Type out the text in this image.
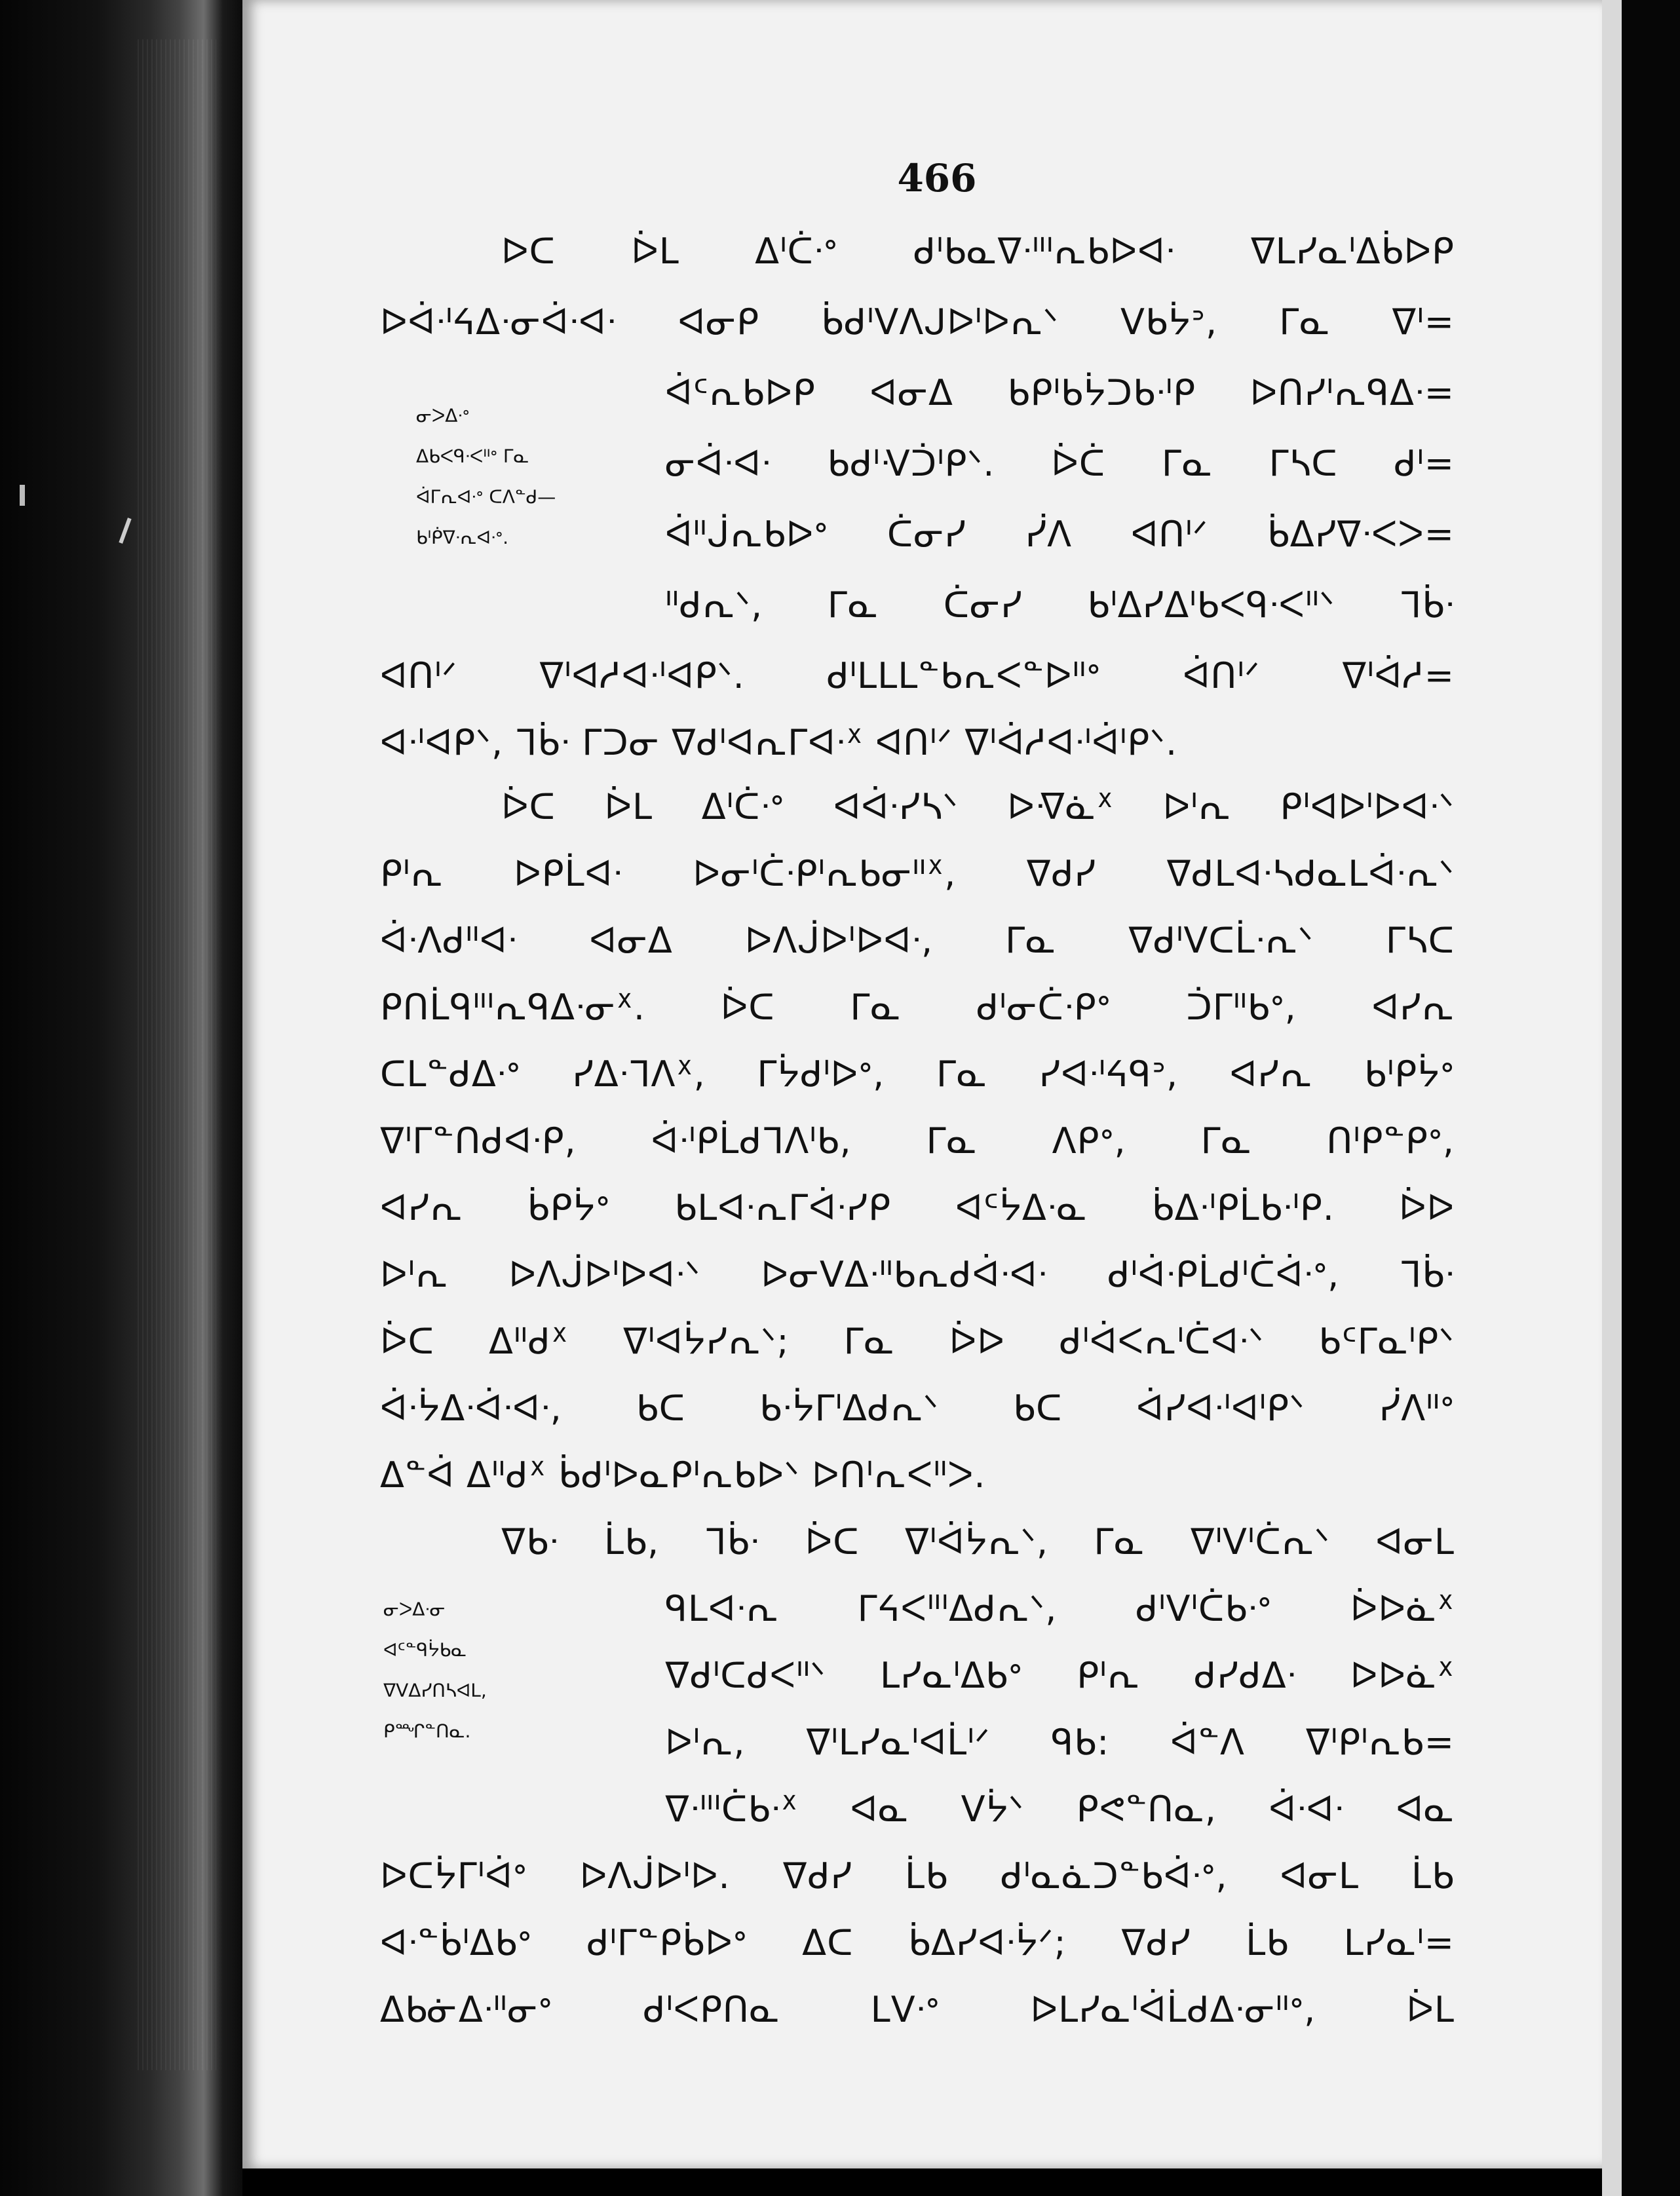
466
ᐅᑕ ᐆᒪ ᐃᑊᑖᐧᐤ ᑯᑊᑲᓇᐁᐧᐦᑊᕆᑲᐅᐊᐧ ᐁᒪᓯᓇᑊᐃᑳᐅᑭ
ᐅᐋᐧᑊᔦᐃᐧᓂᐋᐧᐊᐧ ᐊᓂᑭ ᑳᑯᑊᐯᐱᒍᐅᑊᐅᕆᐠ ᐯᑲᔮᐣ, ᒥᓇ ᐁᑊ=
ᐋᑦᕆᑲᐅᑭ ᐊᓂᐃ ᑲᑭᑊᑲᔮᑐᑲᐧᑊᑭ ᐅᑎᓯᑊᕆᑫᐃᐧ=
ᓂᐋᐧᐊᐧ ᑲᑯᑊᐺᑑᑊᑭᐠ. ᐆᑖ ᒥᓇ ᒥᓴᑕ ᑯᑊ=
ᐋᐦᒎᕆᑲᐅᐤ ᑖᓂᓯ ᓰᐱ ᐊᑎᑊᐟ ᑳᐃᓯᐁᐧᐸᐳ=
ᐦᑯᕆᐠ, ᒥᓇ ᑖᓂᓯ ᑲᑊᐃᓯᐃᑊᑲᐸᑫᐧᐸᐦᐠ ᒣᑳᐧ
ᐊᑎᑊᐟ ᐁᑊᐊᓱᐊᐧᑊᐊᑭᐠ. ᑯᑊᒪᒪᒪᓐᑲᕆᐸᓐᐅᐦᐤ ᐋᑎᑊᐟ ᐁᑊᐋᓱ=
ᐊᐧᑊᐊᑭᐠ, ᒣᑳᐧ ᒥᑐᓂ ᐁᑯᑊᐊᕆᒥᐊᐧᕽ ᐊᑎᑊᐟ ᐁᑊᐋᓱᐊᐧᑊᐋᑊᑭᐠ.
ᓂᐳᐃᐧᐤ
ᐃᑲᐸᑫᐧᐸᐦᐤ ᒥᓇ
ᐋᒥᕆᐊᐧᐤ ᑕᐱᓐᑯ—
ᑲᑊᑮᐁᐧᕆᐊᐧᐤ.
ᐆᑕ ᐆᒪ ᐃᑊᑖᐧᐤ ᐊᐋᐧᓯᓴᐠ ᐅᐌᓈᕽ ᐅᑊᕆ ᑭᑊᐊᐅᑊᐅᐊᐧᐠ
ᑭᑊᕆ ᐅᑭᒫᐊᐧ ᐅᓂᑊᑖᐧᑭᑊᕆᑲᓂᐦᕽ, ᐁᑯᓯ ᐁᑯᒪᐊᐧᓴᑯᓇᒪᐋᐧᕆᐠ
ᐋᐧᐱᑯᐦᐊᐧ ᐊᓂᐃ ᐅᐱᒎᐅᑊᐅᐊᐧ, ᒥᓇ ᐁᑯᑊᐯᑕᒫᐧᕆᐠ ᒥᓴᑕ
ᑭᑎᒫᑫᐦᑊᕆᑫᐃᐧᓂᕽ. ᐆᑕ ᒥᓇ ᑯᑊᓂᑖᐧᑭᐤ ᑑᒥᐦᑲᐤ, ᐊᓯᕆ
ᑕᒪᓐᑯᐃᐧᐤ ᓯᐃᐧᒣᐱᕽ, ᒥᔮᑯᑊᐅᐤ, ᒥᓇ ᓯᐊᐧᑊᔦᑫᐣ, ᐊᓯᕆ ᑲᑊᑭᔮᐤ
ᐁᑊᒥᓐᑎᑯᐊᐧᑭ, ᐋᐧᑊᑭᒫᑯᒣᐱᑊᑲ, ᒥᓇ ᐱᑭᐤ, ᒥᓇ ᑎᑊᑭᓐᑭᐤ,
ᐊᓯᕆ ᑳᑭᔮᐤ ᑲᒪᐊᐧᕆᒥᐋᐧᓯᑭ ᐊᑦᔮᐃᐧᓇ ᑳᐃᐧᑊᑭᒫᑲᐧᑊᑭ. ᐆᐅ
ᐅᑊᕆ ᐅᐱᒎᐅᑊᐅᐊᐧᐠ ᐅᓂᐯᐃᐧᐦᑲᕆᑯᐋᐧᐊᐧ ᑯᑊᐋᐧᑭᒫᑯᑊᑖᐋᐧᐤ, ᒣᑳᐧ
ᐆᑕ ᐃᐦᑯᕽ ᐁᑊᐊᔮᓯᕆᐠ; ᒥᓇ ᐆᐅ ᑯᑊᐋᐸᕆᑊᑖᐊᐧᐠ ᑲᑦᒥᓇᑊᑭᐠ
ᐋᐧᔮᐃᐧᐋᐧᐊᐧ, ᑲᑕ ᑲᐧᔮᒥᑊᐃᑯᕆᐠ ᑲᑕ ᐋᓯᐊᐧᑊᐊᑊᑭᐠ ᓰᐱᐦᐤ
ᐃᓐᐋ ᐃᐦᑯᕽ ᑳᑯᑊᐅᓇᑭᑊᕆᑲᐅᐠ ᐅᑎᑊᕆᐸᐦᐳ.
ᐁᑲᐧ ᒫᑲ, ᒣᑳᐧ ᐆᑕ ᐁᑊᐋᔮᕆᐠ, ᒥᓇ ᐁᑊᐯᑊᑖᕆᐠ ᐊᓂᒪ
ᑫᒪᐊᐧᕆ ᒥᔦᐸᐦᑊᐃᑯᕆᐠ, ᑯᑊᐯᑊᑖᑲᐧᐤ ᐆᐅᓈᕽ
ᐁᑯᑊᑕᑯᐸᐦᐠ ᒪᓯᓇᑊᐃᑲᐤ ᑭᑊᕆ ᑯᓯᑯᐃᐧ ᐅᐅᓈᕽ
ᐅᑊᕆ, ᐁᑊᒪᓯᓇᑊᐊᒫᑊᐟ ᑫᑲ: ᐋᓐᐱ ᐁᑊᑭᑊᕆᑲ=
ᐁᐧᐦᑊᑖᑲᐧᕽ ᐊᓇ ᐯᔮᐠ ᑭᕙᓐᑎᓇ, ᐋᐧᐊᐧ ᐊᓇ
ᐅᑕᔮᒥᑊᐋᐤ ᐅᐱᒎᐅᑊᐅ. ᐁᑯᓯ ᒫᑲ ᑯᑊᓇᓈᑐᓐᑲᐋᐧᐤ, ᐊᓂᒪ ᒫᑲ
ᐊᐧᓐᑳᑊᐃᑲᐤ ᑯᑊᒥᓐᑭᑳᐅᐤ ᐃᑕ ᑳᐃᓯᐊᐧᔮᐟ; ᐁᑯᓯ ᒫᑲ ᒪᓯᓇᑊ=
ᐃᑲᓃᐃᐧᐦᓂᐤ ᑯᑊᐸᑭᑎᓇ ᒪᐯᐧᐤ ᐅᒪᓯᓇᑊᐋᒫᑯᐃᐧᓂᐦᐤ, ᐆᒪ
ᓂᐳᐃᐧᓂ
ᐊᑦᓐᑫᔮᑲᓇ
ᐁᐯᐃᓯᑎᓴᐊᒪ,
ᑭᙱᓐᑎᓇ.
